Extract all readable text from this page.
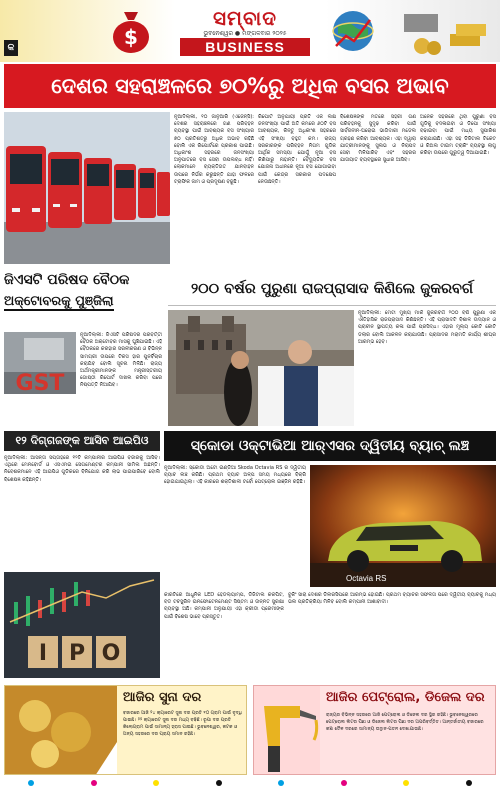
କ	$
ସମ୍ବାଦ
ଭୁବନେଶ୍ୱର ● ମଙ୍ଗଳବାର ୨୦୨୫
BUSINESS
ଦେଶର ସହରାଞ୍ଚଳରେ ୭୦%ରୁ ଅଧିକ ବସର ଅଭାବ
ନୂଆଦିଲ୍ଲୀ, ୧୦ ଜାନୁଆରି (ଏଜେନ୍ସି): ଦେଶର ସହରାଞ୍ଚଳରେ ଗଣ ପରିବହନ ବ୍ୟବସ୍ଥା ପାଇଁ ଆବଶ୍ୟକ ବସ ସଂଖ୍ୟାର ୭୦ ପ୍ରତିଶତରୁ ଅଧିକ ଅଭାବ ରହିଛି ବୋଲି ଏକ ରିପୋର୍ଟରେ ପ୍ରକାଶ ପାଇଛି। ଅଧିକାଂଶ ସହରରେ ଜନସଂଖ୍ୟା ଅନୁପାତରେ ବସ ସେବା ଉପଲବ୍ଧ ନାହିଁ। ଲୋକମାନେ ବ୍ୟକ୍ତିଗତ ଯାନବାହନ ଉପରେ ନିର୍ଭର କରୁଛନ୍ତି ଯାହା ଫଳରେ ଟ୍ରାଫିକ ଜାମ ଓ ପ୍ରଦୂଷଣ ବଢୁଛି।
ରିପୋର୍ଟ ଅନୁଯାୟୀ ପ୍ରତି ଏକ ଲକ୍ଷ ଜନସଂଖ୍ୟା ପାଇଁ ଅତି କମରେ ୬୦ଟି ବସ ଆବଶ୍ୟକ, କିନ୍ତୁ ଅଧିକାଂଶ ସହରରେ ଏହି ସଂଖ୍ୟା ବହୁତ କମ। ରାଜ୍ୟ ସରକାରଙ୍କ ପରିବହନ ନିଗମ ଗୁଡିକ ଆର୍ଥିକ ସମସ୍ୟା ଯୋଗୁଁ ନୂଆ ବସ କିଣିପାରୁ ନାହାନ୍ତି। ବୈଦ୍ୟୁତିକ ବସ ଯୋଜନା ଅଧୀନରେ ନୂଆ ବସ ଯୋଗାଇବା ପାଇଁ କେନ୍ଦ୍ର ସରକାର ପଦକ୍ଷେପ ନେଉଛନ୍ତି।
ବିଶେଷଜ୍ଞଙ୍କ ମତରେ ସହରୀ ଗଣ ପରିବହନକୁ ସୁଦୃଢ କରିବା ପାଇଁ ସାର୍ବଜନୀନ-ଘରୋଇ ଭାଗିଦାରୀ ମଡେଲ ଗ୍ରହଣ କରିବା ଆବଶ୍ୟକ। ଏହା ଦ୍ୱାରା ଯାତ୍ରୀମାନଙ୍କୁ ସୁଲଭ ଓ ନିରାପଦ ସେବା ମିଳିପାରିବ ଏବଂ ସହରର ଯାତାୟାତ ବ୍ୟବସ୍ଥାରେ ସୁଧାର ଆସିବ।
ଅନେକ ସହରରେ ଥିବା ପୁରୁଣା ବସ ଗୁଡିକୁ ବଦଳାଇବା ଓ ଡିପୋ ସଂଖ୍ୟା ବଢାଇବା ପାଇଁ ମଧ୍ୟ ସୁପାରିଶ କରାଯାଇଛି। ଏହା ସହ ଡିଜିଟାଲ ଟିକେଟ ଓ ରିଅଲ ଟାଇମ ଟ୍ରାକିଂ ବ୍ୟବସ୍ଥା ଲାଗୁ କରିବା ଉପରେ ଗୁରୁତ୍ୱ ଦିଆଯାଇଛି।
ଜିଏସଟି ପରିଷଦ ବୈଠକ
ଅକ୍ଟୋବରକୁ ପୁଞ୍ଜିଲା
GST
ନୂଆଦିଲ୍ଲୀ: ଜିଏସଟି ପରିଷଦର ପରବର୍ତ୍ତୀ ବୈଠକ ଅକ୍ଟୋବର ମାସକୁ ଘୁଞ୍ଚିଯାଇଛି। ଏହି ବୈଠକରେ କରହାର ସରଳୀକରଣ ଓ ବିଭିନ୍ନ ସାମଗ୍ରୀ ଉପରେ ଟିକସ ହାର ପୁନର୍ବିଚାର କରାଯିବ ବୋଲି ସୂଚନା ମିଳିଛି। ରାଜ୍ୟ ଅର୍ଥମନ୍ତ୍ରୀମାନଙ୍କ ମନ୍ତ୍ରୀସ୍ତରୀୟ ଗୋଷ୍ଠୀ ରିପୋର୍ଟ ଦାଖଲ କରିବା ପରେ ନିଷ୍ପତ୍ତି ନିଆଯିବ।
୨୦୦ ବର୍ଷର ପୁରୁଣା ରାଜପ୍ରାସାଦ କିଣିଲେ ଜୁକରବର୍ଗ
ନୂଆଦିଲ୍ଲୀ: ମେଟା ମୁଖ୍ୟ ମାର୍କ ଜୁକରବର୍ଗ ୨୦୦ ବର୍ଷ ପୁରୁଣା ଏକ ଐତିହାସିକ ରାଜପ୍ରାସାଦ କିଣିଛନ୍ତି। ଏହି ପ୍ରାସାଦଟି ବିଶାଳ ଉଦ୍ୟାନ ଓ ପ୍ରାଚୀନ ସ୍ଥାପତ୍ୟ କଳା ପାଇଁ ପ୍ରସିଦ୍ଧ। ଏହାର ମୂଲ୍ୟ କୋଟି କୋଟି ଡଲାର ବୋଲି ଆକଳନ କରାଯାଉଛି। ପ୍ରାସାଦର ମରାମତି କାର୍ଯ୍ୟ ଶୀଘ୍ର ଆରମ୍ଭ ହେବ।
୧୨ ଦିଗ୍ଗଜଙ୍କ ଆସିବ ଆଇପିଓ
ନୂଆଦିଲ୍ଲୀ: ଆସନ୍ତା ସପ୍ତାହରେ ୧୨ଟି କମ୍ପାନୀର ଆଇପିଓ ବଜାରକୁ ଆସିବ। ଏଥିରେ ମେନବୋର୍ଡ ଓ ଏସଏମଇ ସେଗମେଣ୍ଟର କମ୍ପାନୀ ସାମିଲ ଅଛନ୍ତି। ନିବେଶକମାନେ ଏହି ଆଇପିଓ ଗୁଡିକରେ ବିନିଯୋଗ କରି ଲାଭ ପାଇପାରିବେ ବୋଲି ବିଶେଷଜ୍ଞ କହିଛନ୍ତି।
I P O
ସ୍କୋଡା ଓକ୍ଟାଭିଆ ଆର୍‌ଏସର ଦ୍ୱିତୀୟ ବ୍ୟାଚ୍ ଲଞ୍ଚ
ନୂଆଦିଲ୍ଲୀ: ସ୍କୋଡା ଅଟୋ ଇଣ୍ଡିଆ Skoda Octavia RS ର ଦ୍ୱିତୀୟ ବ୍ୟାଚ ଲଞ୍ଚ କରିଛି। ପ୍ରଥମ ବ୍ୟାଚ ଅଳ୍ପ ସମୟ ମଧ୍ୟରେ ବିକ୍ରି ହୋଇଯାଇଥିଲା। ଏହି କାରରେ ଶକ୍ତିଶାଳୀ ଟର୍ବୋ ପେଟ୍ରୋଲ ଇଞ୍ଜିନ ରହିଛି।
Octavia RS
କାରଟିରେ ଆଧୁନିକ LED ହେଡଲ୍ୟାମ୍ପ, ଡିଜିଟାଲ କକପିଟ, ବଡ ଟଚସ୍କ୍ରିନ ଇନଫୋଟେନମେଣ୍ଟ ସିଷ୍ଟମ ଓ ଉନ୍ନତ ସୁରକ୍ଷା ବ୍ୟବସ୍ଥା ଅଛି। କମ୍ପାନୀ ଅନୁଯାୟୀ ଏହା କ୍ରୀଡା ପ୍ରେମୀଙ୍କ ପାଇଁ ବିଶେଷ ଭାବେ ପ୍ରସ୍ତୁତ।
ବୁକିଂ ସାରା ଦେଶର ଡିଲରସିପରେ ଆରମ୍ଭ ହୋଇଛି। ପ୍ରଥମ ବ୍ୟାଚର ସଫଳତା ପରେ ଦ୍ୱିତୀୟ ବ୍ୟାଚକୁ ମଧ୍ୟ ଭଲ ପ୍ରତିକ୍ରିୟା ମିଳିବ ବୋଲି କମ୍ପାନୀ ଆଶାବାଦୀ।
ଆଜିର ସୁନା ଦର
ବଜାରରେ ଆଜି ୨୪ କ୍ୟାରେଟ ସୁନା ଦର ପ୍ରତି ୧୦ ଗ୍ରାମ ପାଇଁ ବୃଦ୍ଧି ପାଇଛି। ୨୨ କ୍ୟାରେଟ ସୁନା ଦର ମଧ୍ୟ ବଢିଛି। ରୂପା ଦର ପ୍ରତି କିଲୋଗ୍ରାମ ପାଇଁ ସାମାନ୍ୟ ହ୍ରାସ ପାଇଛି। ଭୁବନେଶ୍ୱର, କଟକ ଓ ଅନ୍ୟ ସହରରେ ଦର ପ୍ରାୟ ସମାନ ରହିଛି।
ଆଜିର ପେଟ୍ରୋଲ, ଡିଜେଲ ଦର
ରାଜ୍ୟର ବିଭିନ୍ନ ସହରରେ ଆଜି ପେଟ୍ରୋଲ ଓ ଡିଜେଲ ଦର ସ୍ଥିର ରହିଛି। ଭୁବନେଶ୍ୱରରେ ପେଟ୍ରୋଲ ଲିଟର ପିଛା ଓ ଡିଜେଲ ଲିଟର ପିଛା ଦର ଅପରିବର୍ତ୍ତିତ। ଆନ୍ତର୍ଜାତୀୟ ବଜାରରେ କଞ୍ଚା ତୈଳ ଦରରେ ସାମାନ୍ୟ ଉତ୍ଥାନ-ପତନ ଦେଖାଯାଉଛି।
